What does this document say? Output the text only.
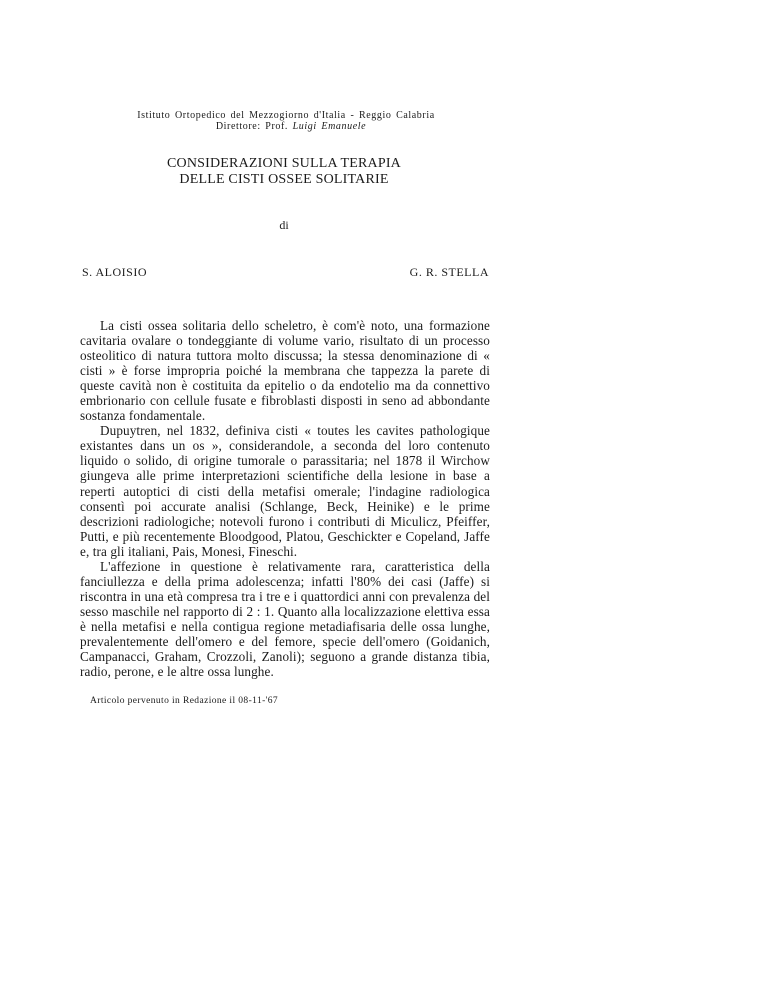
Istituto Ortopedico del Mezzogiorno d'Italia - Reggio Calabria
Direttore: Prof. Luigi Emanuele
CONSIDERAZIONI SULLA TERAPIA
DELLE CISTI OSSEE SOLITARIE
di
S. ALOISIO	G. R. STELLA

La cisti ossea solitaria dello scheletro, è com'è noto, una formazione cavitaria ovalare o tondeggiante di volume vario, risultato di un processo osteolitico di natura tuttora molto discussa; la stessa denominazione di « cisti » è forse impropria poiché la membrana che tappezza la parete di queste cavità non è costituita da epitelio o da endotelio ma da connettivo embrionario con cellule fusate e fibroblasti disposti in seno ad abbondante sostanza fondamentale.

Dupuytren, nel 1832, definiva cisti « toutes les cavites pathologique existantes dans un os », considerandole, a seconda del loro contenuto liquido o solido, di origine tumorale o parassitaria; nel 1878 il Wirchow giungeva alle prime interpretazioni scientifiche della lesione in base a reperti autoptici di cisti della metafisi omerale; l'indagine radiologica consentì poi accurate analisi (Schlange, Beck, Heinike) e le prime descrizioni radiologiche; notevoli furono i contributi di Miculicz, Pfeiffer, Putti, e più recentemente Bloodgood, Platou, Geschickter e Copeland, Jaffe e, tra gli italiani, Pais, Monesi, Fineschi.

L'affezione in questione è relativamente rara, caratteristica della fanciullezza e della prima adolescenza; infatti l'80% dei casi (Jaffe) si riscontra in una età compresa tra i tre e i quattordici anni con prevalenza del sesso maschile nel rapporto di 2 : 1. Quanto alla localizzazione elettiva essa è nella metafisi e nella contigua regione metadiafisaria delle ossa lunghe, prevalentemente dell'omero e del femore, specie dell'omero (Goidanich, Campanacci, Graham, Crozzoli, Zanoli); seguono a grande distanza tibia, radio, perone, e le altre ossa lunghe.

Articolo pervenuto in Redazione il 08-11-'67
